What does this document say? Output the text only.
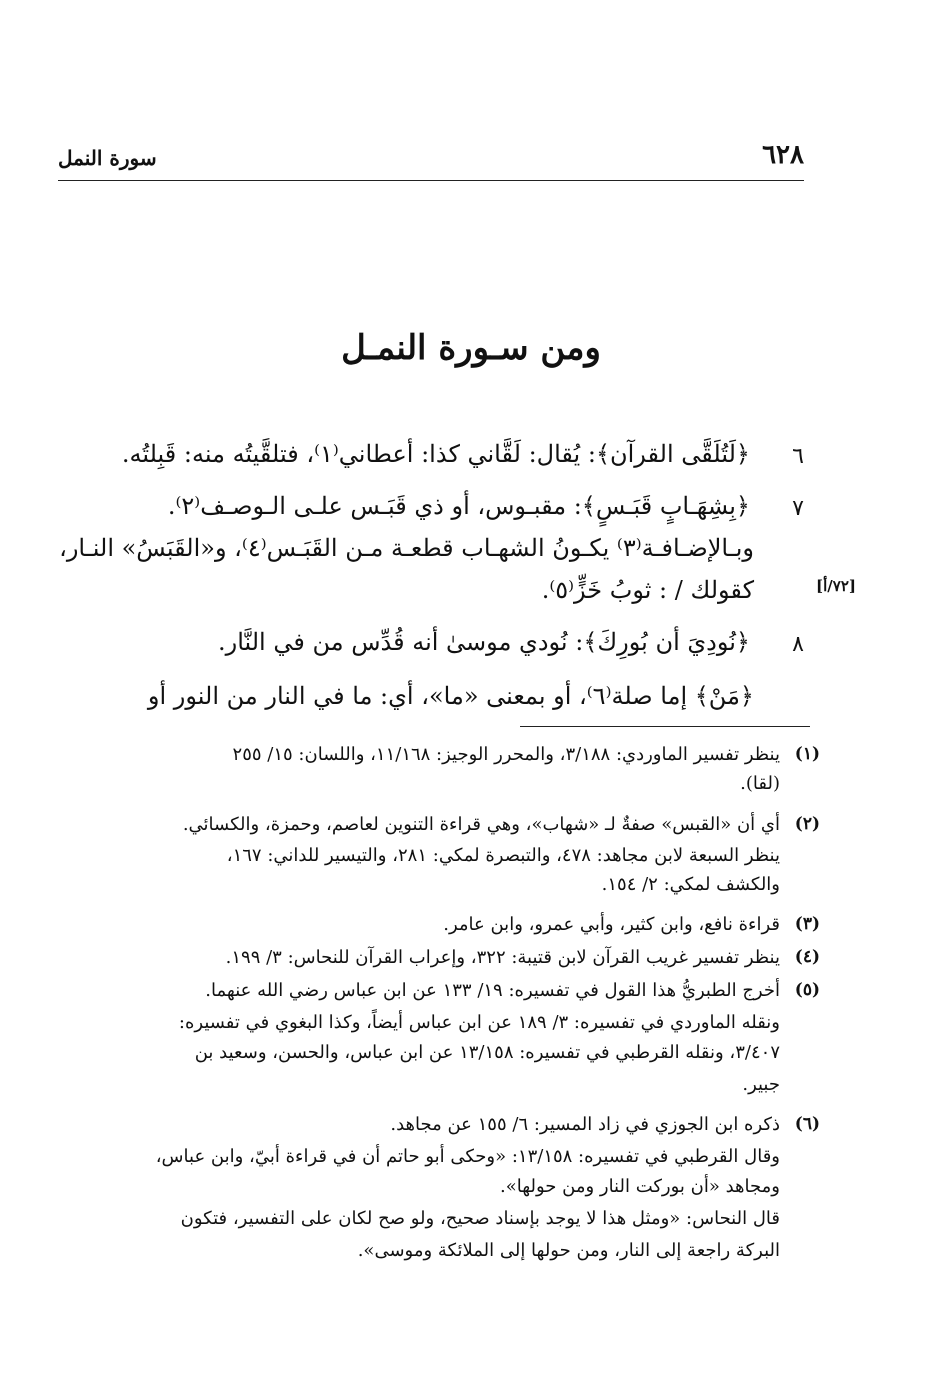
سورة النمل	٦٢٨
ومن سـورة النمـل
٦
﴿لَتُلَقَّى القرآن﴾: يُقال: لَقَّاني كذا: أعطاني⁽١⁾، فتلقَّيتُه منه: قَبِلتُه.
٧
﴿بِشِهَـابٍ قَبَـسٍ﴾: مقبـوس، أو ذي قَبَـس علـى الـوصـف⁽٢⁾.
وبـالإضـافـة⁽٣⁾ يكـونُ الشهـاب قطعـة مـن القَبَـس⁽٤⁾، و«القَبَسُ» النـار،
كقولك / : ثوبُ خَزٍّ⁽٥⁾.	[٧٢/أ]
٨
﴿نُودِيَ أن بُورِكَ﴾: نُودي موسىٰ أنه قُدِّس من في النَّار.
﴿مَنْ﴾ إما صلة⁽٦⁾، أو بمعنى «ما»، أي: ما في النار من النور أو
(١)
ينظر تفسير الماوردي: ٣/١٨٨، والمحرر الوجيز: ١١/١٦٨، واللسان: ١٥/ ٢٥٥
(لقا).
(٢)
أي أن «القبس» صفةٌ لـ «شهاب»، وهي قراءة التنوين لعاصم، وحمزة، والكسائي.
ينظر السبعة لابن مجاهد: ٤٧٨، والتبصرة لمكي: ٢٨١، والتيسير للداني: ١٦٧،
والكشف لمكي: ٢/ ١٥٤.
(٣)
قراءة نافع، وابن كثير، وأبي عمرو، وابن عامر.
(٤)
ينظر تفسير غريب القرآن لابن قتيبة: ٣٢٢، وإعراب القرآن للنحاس: ٣/ ١٩٩.
(٥)
أخرج الطبريُّ هذا القول في تفسيره: ١٩/ ١٣٣ عن ابن عباس رضي الله عنهما.
ونقله الماوردي في تفسيره: ٣/ ١٨٩ عن ابن عباس أيضاً، وكذا البغوي في تفسيره:
٣/٤٠٧، ونقله القرطبي في تفسيره: ١٣/١٥٨ عن ابن عباس، والحسن، وسعيد بن
جبير.
(٦)
ذكره ابن الجوزي في زاد المسير: ٦/ ١٥٥ عن مجاهد.
وقال القرطبي في تفسيره: ١٣/١٥٨: «وحكى أبو حاتم أن في قراءة أبيّ، وابن عباس،
ومجاهد «أن بوركت النار ومن حولها».
قال النحاس: «ومثل هذا لا يوجد بإسناد صحيح، ولو صح لكان على التفسير، فتكون
البركة راجعة إلى النار، ومن حولها إلى الملائكة وموسى».
